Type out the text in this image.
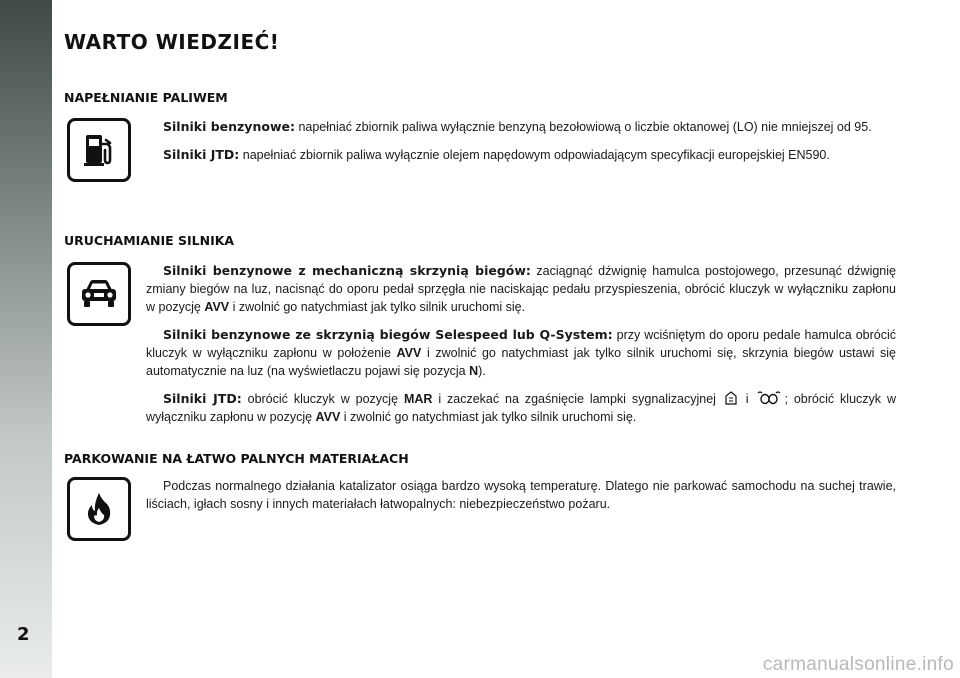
WARTO WIEDZIEĆ!
NAPEŁNIANIE PALIWEM

Silniki benzynowe: napełniać zbiornik paliwa wyłącznie benzyną bezołowiową o liczbie oktanowej (LO) nie mniejszej od 95.

Silniki JTD: napełniać zbiornik paliwa wyłącznie olejem napędowym odpowiadającym specyfikacji europejskiej EN590.

URUCHAMIANIE SILNIKA

Silniki benzynowe z mechaniczną skrzynią biegów: zaciągnąć dźwignię hamulca postojowego, przesunąć dźwignię zmiany biegów na luz, nacisnąć do oporu pedał sprzęgła nie naciskając pedału przyspieszenia, obrócić kluczyk w wyłączniku zapłonu w pozycję AVV i zwolnić go natychmiast jak tylko silnik uruchomi się.

Silniki benzynowe ze skrzynią biegów Selespeed lub Q-System: przy wciśniętym do oporu pedale hamulca obrócić kluczyk w wyłączniku zapłonu w położenie AVV i zwolnić go natychmiast jak tylko silnik uruchomi się, skrzynia biegów ustawi się automatycznie na luz (na wyświetlaczu pojawi się pozycja N).

Silniki JTD: obrócić kluczyk w pozycję MAR i zaczekać na zgaśnięcie lampki sygnalizacyjnej  i ; obrócić kluczyk w wyłączniku zapłonu w pozycję AVV i zwolnić go natychmiast jak tylko silnik uruchomi się.

PARKOWANIE NA ŁATWO PALNYCH MATERIAŁACH

Podczas normalnego działania katalizator osiąga bardzo wysoką temperaturę. Dlatego nie parkować samochodu na suchej trawie, liściach, igłach sosny i innych materiałach łatwopalnych: niebezpieczeństwo pożaru.

2
carmanualsonline.info
